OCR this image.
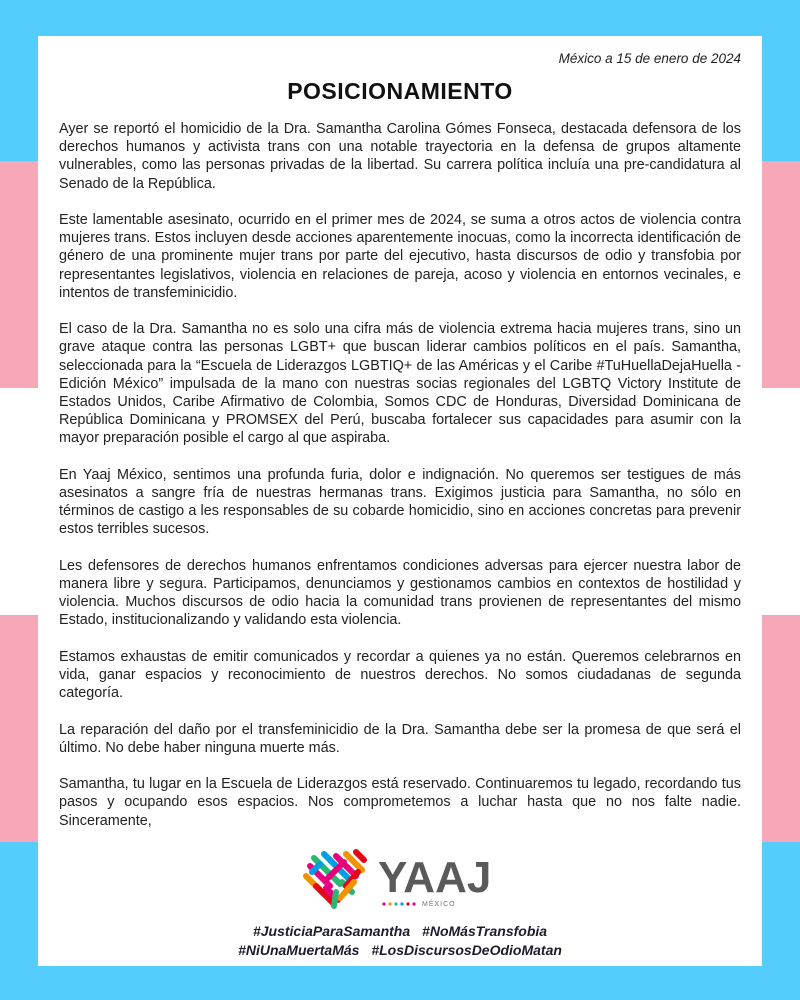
México a 15 de enero de 2024
POSICIONAMIENTO

Ayer se reportó el homicidio de la Dra. Samantha Carolina Gómes Fonseca, destacada defensora de los derechos humanos y activista trans con una notable trayectoria en la defensa de grupos altamente vulnerables, como las personas privadas de la libertad. Su carrera política incluía una pre-candidatura al Senado de la República.

Este lamentable asesinato, ocurrido en el primer mes de 2024, se suma a otros actos de violencia contra mujeres trans. Estos incluyen desde acciones aparentemente inocuas, como la incorrecta identificación de género de una prominente mujer trans por parte del ejecutivo, hasta discursos de odio y transfobia por representantes legislativos, violencia en relaciones de pareja, acoso y violencia en entornos vecinales, e intentos de transfeminicidio.

El caso de la Dra. Samantha no es solo una cifra más de violencia extrema hacia mujeres trans, sino un grave ataque contra las personas LGBT+ que buscan liderar cambios políticos en el país. Samantha, seleccionada para la “Escuela de Liderazgos LGBTIQ+ de las Américas y el Caribe #TuHuellaDejaHuella - Edición México” impulsada de la mano con nuestras socias regionales del LGBTQ Victory Institute de Estados Unidos, Caribe Afirmativo de Colombia, Somos CDC de Honduras, Diversidad Dominicana de República Dominicana y PROMSEX del Perú, buscaba fortalecer sus capacidades para asumir con la mayor preparación posible el cargo al que aspiraba.

En Yaaj México, sentimos una profunda furia, dolor e indignación. No queremos ser testigues de más asesinatos a sangre fría de nuestras hermanas trans. Exigimos justicia para Samantha, no sólo en términos de castigo a les responsables de su cobarde homicidio, sino en acciones concretas para prevenir estos terribles sucesos.

Les defensores de derechos humanos enfrentamos condiciones adversas para ejercer nuestra labor de manera libre y segura. Participamos, denunciamos y gestionamos cambios en contextos de hostilidad y violencia. Muchos discursos de odio hacia la comunidad trans provienen de representantes del mismo Estado, institucionalizando y validando esta violencia.

Estamos exhaustas de emitir comunicados y recordar a quienes ya no están. Queremos celebrarnos en vida, ganar espacios y reconocimiento de nuestros derechos. No somos ciudadanas de segunda categoría.

La reparación del daño por el transfeminicidio de la Dra. Samantha debe ser la promesa de que será el último. No debe haber ninguna muerte más.

Samantha, tu lugar en la Escuela de Liderazgos está reservado. Continuaremos tu legado, recordando tus pasos y ocupando esos espacios. Nos comprometemos a luchar hasta que no nos falte nadie. Sinceramente,

YAAJ
MÉXICO
#JusticiaParaSamantha #NoMásTransfobia
#NiUnaMuertaMás #LosDiscursosDeOdioMatan
